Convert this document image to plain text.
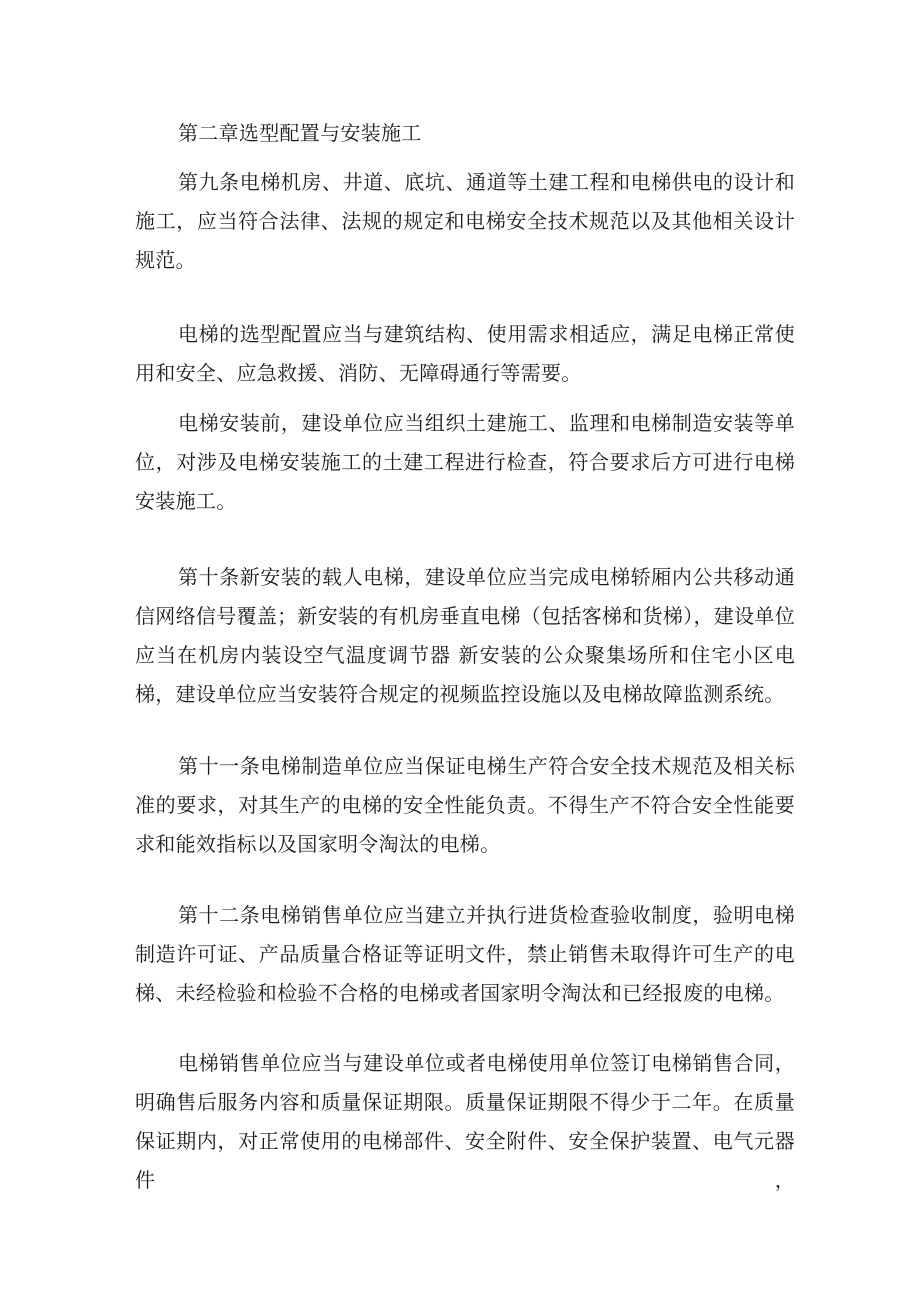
第二章选型配置与安装施工

第九条电梯机房、井道、底坑、通道等土建工程和电梯供电的设计和施工，应当符合法律、法规的规定和电梯安全技术规范以及其他相关设计规范。

电梯的选型配置应当与建筑结构、使用需求相适应，满足电梯正常使用和安全、应急救援、消防、无障碍通行等需要。

电梯安装前，建设单位应当组织土建施工、监理和电梯制造安装等单位，对涉及电梯安装施工的土建工程进行检查，符合要求后方可进行电梯安装施工。

第十条新安装的载人电梯，建设单位应当完成电梯轿厢内公共移动通信网络信号覆盖；新安装的有机房垂直电梯（包括客梯和货梯），建设单位应当在机房内装设空气温度调节器 新安装的公众聚集场所和住宅小区电梯，建设单位应当安装符合规定的视频监控设施以及电梯故障监测系统。

第十一条电梯制造单位应当保证电梯生产符合安全技术规范及相关标准的要求，对其生产的电梯的安全性能负责。不得生产不符合安全性能要求和能效指标以及国家明令淘汰的电梯。

第十二条电梯销售单位应当建立并执行进货检查验收制度，验明电梯制造许可证、产品质量合格证等证明文件，禁止销售未取得许可生产的电梯、未经检验和检验不合格的电梯或者国家明令淘汰和已经报废的电梯。

电梯销售单位应当与建设单位或者电梯使用单位签订电梯销售合同，明确售后服务内容和质量保证期限。质量保证期限不得少于二年。在质量保证期内，对正常使用的电梯部件、安全附件、安全保护装置、电气元器件，
